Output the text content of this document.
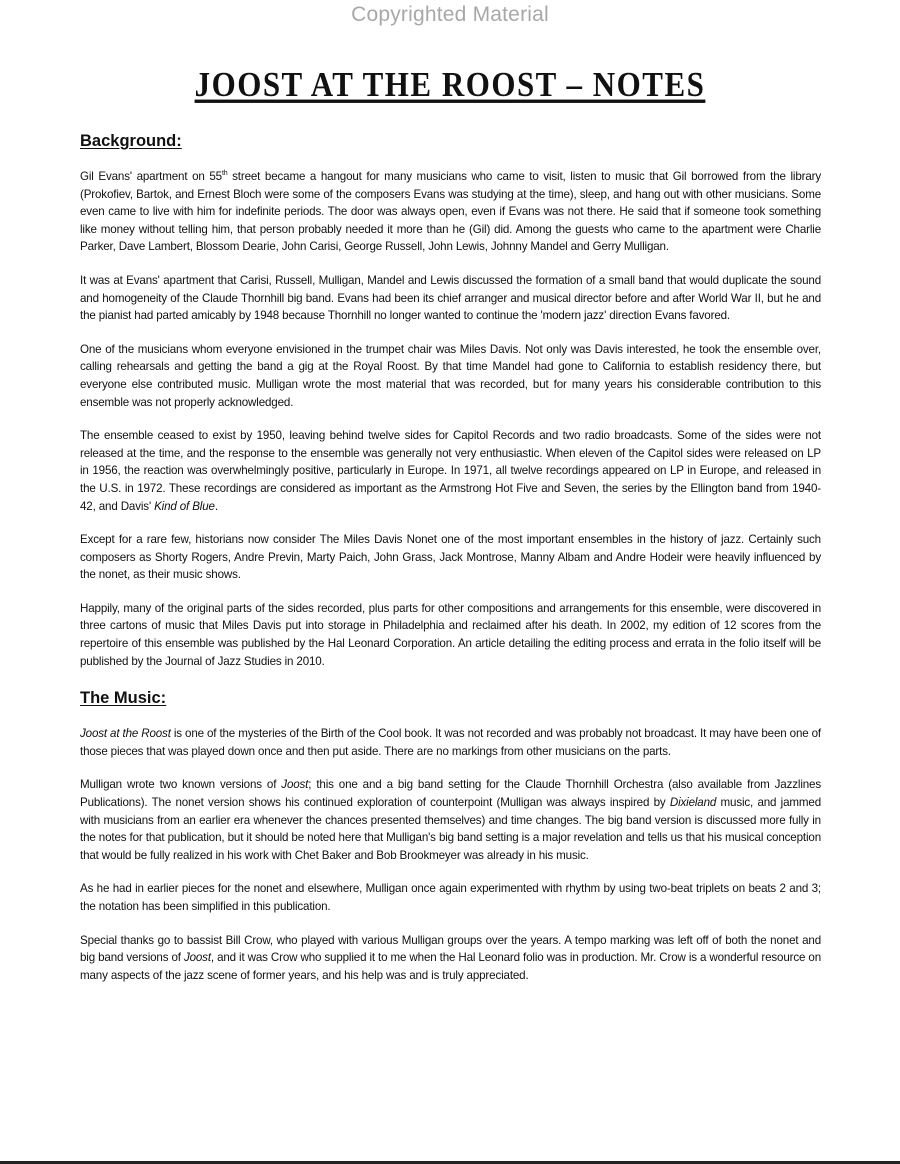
Copyrighted Material
JOOST AT THE ROOST – NOTES
Background:

Gil Evans' apartment on 55th street became a hangout for many musicians who came to visit, listen to music that Gil borrowed from the library (Prokofiev, Bartok, and Ernest Bloch were some of the composers Evans was studying at the time), sleep, and hang out with other musicians. Some even came to live with him for indefinite periods. The door was always open, even if Evans was not there. He said that if someone took something like money without telling him, that person probably needed it more than he (Gil) did. Among the guests who came to the apartment were Charlie Parker, Dave Lambert, Blossom Dearie, John Carisi, George Russell, John Lewis, Johnny Mandel and Gerry Mulligan.

It was at Evans' apartment that Carisi, Russell, Mulligan, Mandel and Lewis discussed the formation of a small band that would duplicate the sound and homogeneity of the Claude Thornhill big band. Evans had been its chief arranger and musical director before and after World War II, but he and the pianist had parted amicably by 1948 because Thornhill no longer wanted to continue the 'modern jazz' direction Evans favored.

One of the musicians whom everyone envisioned in the trumpet chair was Miles Davis. Not only was Davis interested, he took the ensemble over, calling rehearsals and getting the band a gig at the Royal Roost. By that time Mandel had gone to California to establish residency there, but everyone else contributed music. Mulligan wrote the most material that was recorded, but for many years his considerable contribution to this ensemble was not properly acknowledged.

The ensemble ceased to exist by 1950, leaving behind twelve sides for Capitol Records and two radio broadcasts. Some of the sides were not released at the time, and the response to the ensemble was generally not very enthusiastic. When eleven of the Capitol sides were released on LP in 1956, the reaction was overwhelmingly positive, particularly in Europe. In 1971, all twelve recordings appeared on LP in Europe, and released in the U.S. in 1972. These recordings are considered as important as the Armstrong Hot Five and Seven, the series by the Ellington band from 1940-42, and Davis' Kind of Blue.

Except for a rare few, historians now consider The Miles Davis Nonet one of the most important ensembles in the history of jazz. Certainly such composers as Shorty Rogers, Andre Previn, Marty Paich, John Grass, Jack Montrose, Manny Albam and Andre Hodeir were heavily influenced by the nonet, as their music shows.

Happily, many of the original parts of the sides recorded, plus parts for other compositions and arrangements for this ensemble, were discovered in three cartons of music that Miles Davis put into storage in Philadelphia and reclaimed after his death. In 2002, my edition of 12 scores from the repertoire of this ensemble was published by the Hal Leonard Corporation. An article detailing the editing process and errata in the folio itself will be published by the Journal of Jazz Studies in 2010.

The Music:

Joost at the Roost is one of the mysteries of the Birth of the Cool book. It was not recorded and was probably not broadcast. It may have been one of those pieces that was played down once and then put aside. There are no markings from other musicians on the parts.

Mulligan wrote two known versions of Joost; this one and a big band setting for the Claude Thornhill Orchestra (also available from Jazzlines Publications). The nonet version shows his continued exploration of counterpoint (Mulligan was always inspired by Dixieland music, and jammed with musicians from an earlier era whenever the chances presented themselves) and time changes. The big band version is discussed more fully in the notes for that publication, but it should be noted here that Mulligan's big band setting is a major revelation and tells us that his musical conception that would be fully realized in his work with Chet Baker and Bob Brookmeyer was already in his music.

As he had in earlier pieces for the nonet and elsewhere, Mulligan once again experimented with rhythm by using two-beat triplets on beats 2 and 3; the notation has been simplified in this publication.

Special thanks go to bassist Bill Crow, who played with various Mulligan groups over the years. A tempo marking was left off of both the nonet and big band versions of Joost, and it was Crow who supplied it to me when the Hal Leonard folio was in production. Mr. Crow is a wonderful resource on many aspects of the jazz scene of former years, and his help was and is truly appreciated.
